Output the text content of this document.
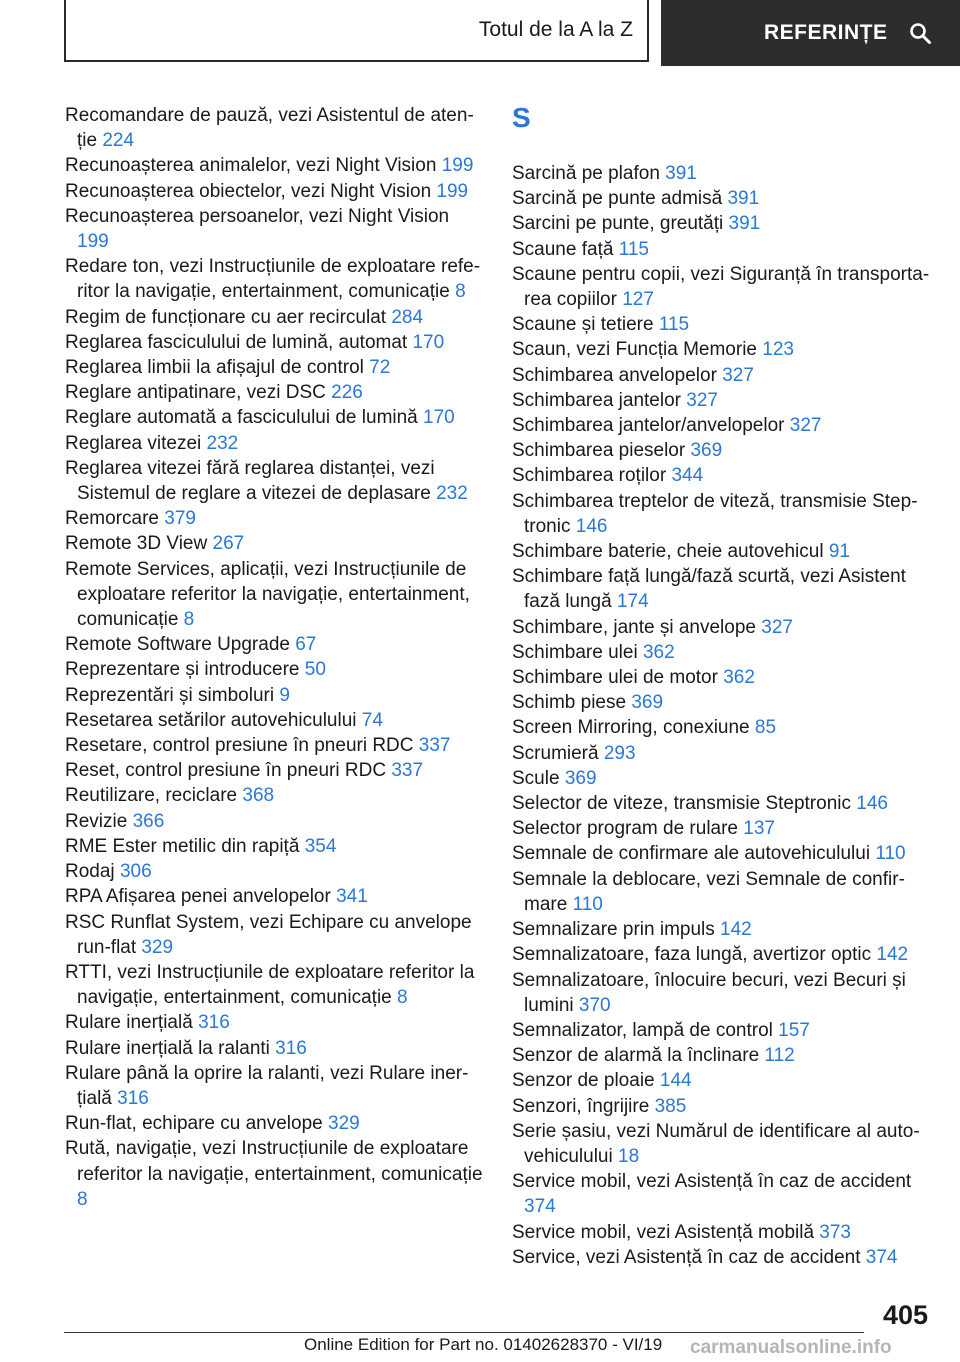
Totul de la A la Z	REFERINȚE
Recomandare de pauză, vezi Asistentul de atenție 224
Recunoașterea animalelor, vezi Night Vision 199
Recunoașterea obiectelor, vezi Night Vision 199
Recunoașterea persoanelor, vezi Night Vision 199
Redare ton, vezi Instrucțiunile de exploatare referitor la navigație, entertainment, comunicație 8
Regim de funcționare cu aer recirculat 284
Reglarea fasciculului de lumină, automat 170
Reglarea limbii la afișajul de control 72
Reglare antipatinare, vezi DSC 226
Reglare automată a fasciculului de lumină 170
Reglarea vitezei 232
Reglarea vitezei fără reglarea distanței, vezi Sistemul de reglare a vitezei de deplasare 232
Remorcare 379
Remote 3D View 267
Remote Services, aplicații, vezi Instrucțiunile de exploatare referitor la navigație, entertainment, comunicație 8
Remote Software Upgrade 67
Reprezentare și introducere 50
Reprezentări și simboluri 9
Resetarea setărilor autovehiculului 74
Resetare, control presiune în pneuri RDC 337
Reset, control presiune în pneuri RDC 337
Reutilizare, reciclare 368
Revizie 366
RME Ester metilic din rapiță 354
Rodaj 306
RPA Afișarea penei anvelopelor 341
RSC Runflat System, vezi Echipare cu anvelope run-flat 329
RTTI, vezi Instrucțiunile de exploatare referitor la navigație, entertainment, comunicație 8
Rulare inerțială 316
Rulare inerțială la ralanti 316
Rulare până la oprire la ralanti, vezi Rulare inerțială 316
Run-flat, echipare cu anvelope 329
Rută, navigație, vezi Instrucțiunile de exploatare referitor la navigație, entertainment, comunicație 8
S
Sarcină pe plafon 391
Sarcină pe punte admisă 391
Sarcini pe punte, greutăți 391
Scaune față 115
Scaune pentru copii, vezi Siguranță în transportarea copiilor 127
Scaune și tetiere 115
Scaun, vezi Funcția Memorie 123
Schimbarea anvelopelor 327
Schimbarea jantelor 327
Schimbarea jantelor/anvelopelor 327
Schimbarea pieselor 369
Schimbarea roților 344
Schimbarea treptelor de viteză, transmisie Steptronic 146
Schimbare baterie, cheie autovehicul 91
Schimbare față lungă/fază scurtă, vezi Asistent fază lungă 174
Schimbare, jante și anvelope 327
Schimbare ulei 362
Schimbare ulei de motor 362
Schimb piese 369
Screen Mirroring, conexiune 85
Scrumieră 293
Scule 369
Selector de viteze, transmisie Steptronic 146
Selector program de rulare 137
Semnale de confirmare ale autovehiculului 110
Semnale la deblocare, vezi Semnale de confirmare 110
Semnalizare prin impuls 142
Semnalizatoare, faza lungă, avertizor optic 142
Semnalizatoare, înlocuire becuri, vezi Becuri și lumini 370
Semnalizator, lampă de control 157
Senzor de alarmă la înclinare 112
Senzor de ploaie 144
Senzori, îngrijire 385
Serie șasiu, vezi Numărul de identificare al autovehiculului 18
Service mobil, vezi Asistență în caz de accident 374
Service mobil, vezi Asistență mobilă 373
Service, vezi Asistență în caz de accident 374
405
Online Edition for Part no. 01402628370 - VI/19 carmanualsonline.info
